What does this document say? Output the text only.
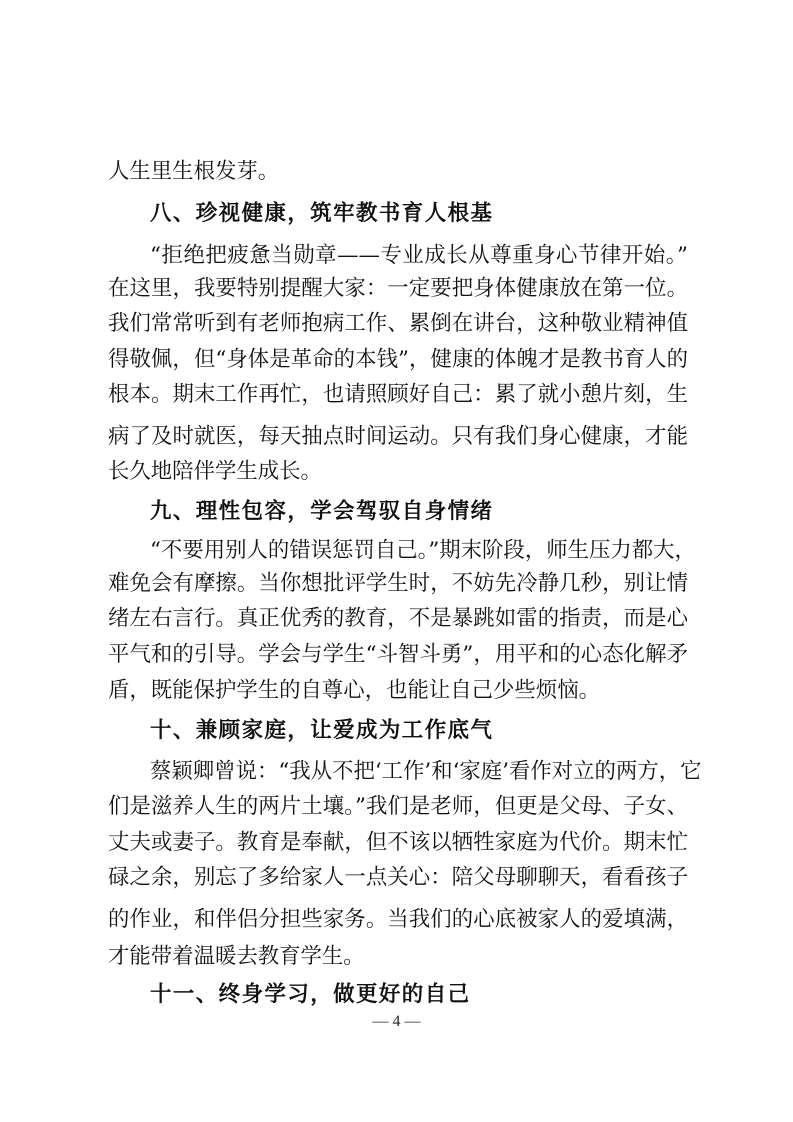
人生里生根发芽。
八、珍视健康，筑牢教书育人根基
“拒绝把疲惫当勋章——专业成长从尊重身心节律开始。”
在这里，我要特别提醒大家：一定要把身体健康放在第一位。
我们常常听到有老师抱病工作、累倒在讲台，这种敬业精神值
得敬佩，但“身体是革命的本钱”，健康的体魄才是教书育人的
根本。期末工作再忙，也请照顾好自己：累了就小憩片刻，生
病了及时就医，每天抽点时间运动。只有我们身心健康，才能
长久地陪伴学生成长。
九、理性包容，学会驾驭自身情绪
“不要用别人的错误惩罚自己。”期末阶段，师生压力都大，
难免会有摩擦。当你想批评学生时，不妨先冷静几秒，别让情
绪左右言行。真正优秀的教育，不是暴跳如雷的指责，而是心
平气和的引导。学会与学生“斗智斗勇”，用平和的心态化解矛
盾，既能保护学生的自尊心，也能让自己少些烦恼。
十、兼顾家庭，让爱成为工作底气
蔡颖卿曾说：“我从不把‘工作’和‘家庭’看作对立的两方，它
们是滋养人生的两片土壤。”我们是老师，但更是父母、子女、
丈夫或妻子。教育是奉献，但不该以牺牲家庭为代价。期末忙
碌之余，别忘了多给家人一点关心：陪父母聊聊天，看看孩子
的作业，和伴侣分担些家务。当我们的心底被家人的爱填满，
才能带着温暖去教育学生。
十一、终身学习，做更好的自己
— 4 —
